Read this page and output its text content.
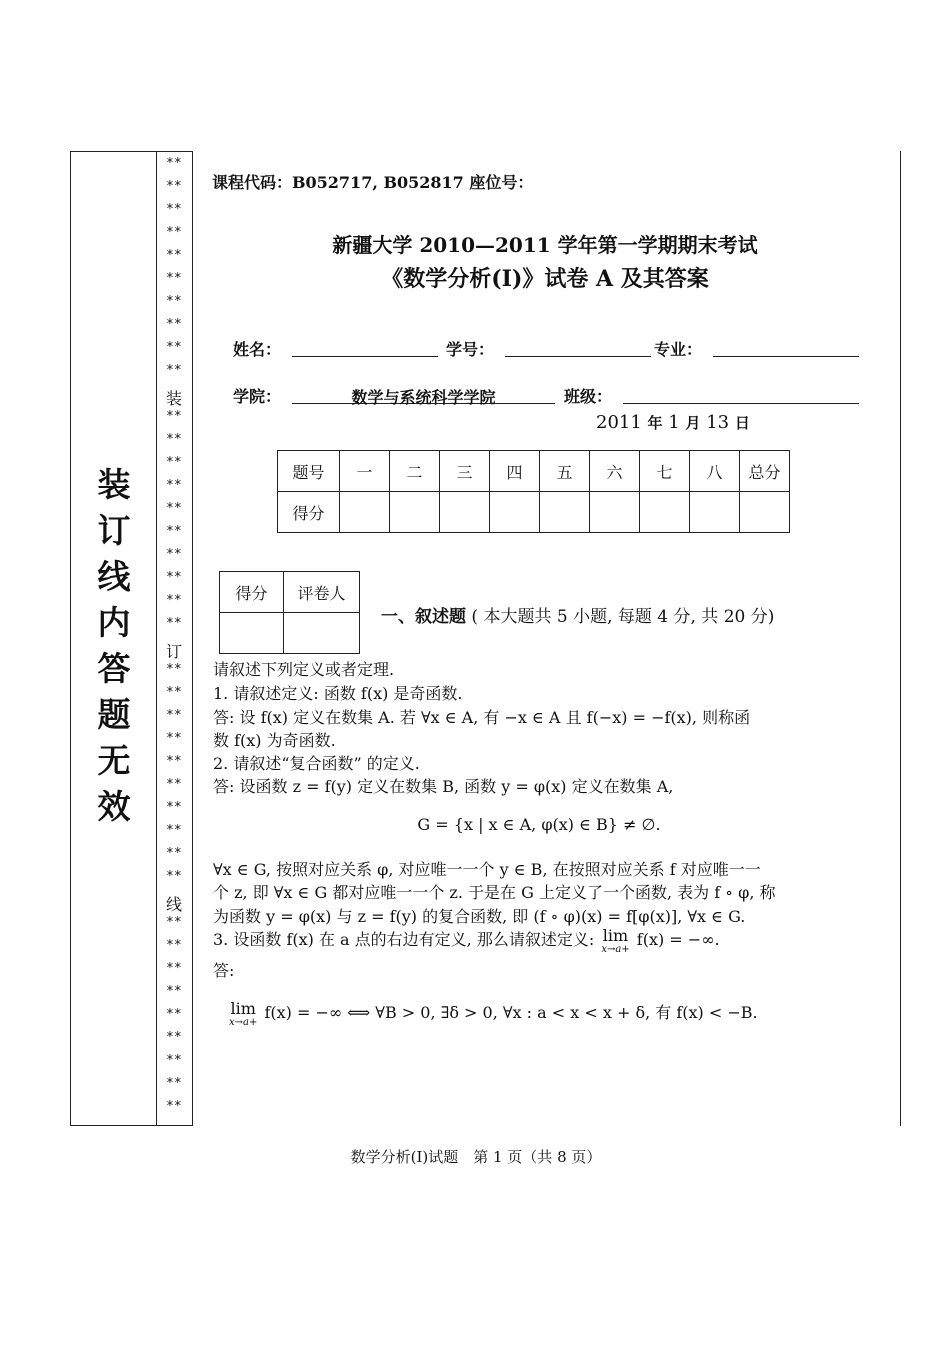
装
订
线
内
答
题
无
效
**
**
**
**
**
**
**
**
**
**
装
**
**
**
**
**
**
**
**
**
**
订
**
**
**
**
**
**
**
**
**
**
线
**
**
**
**
**
**
**
**
**
课程代码：B052717, B052817 座位号：
新疆大学 2010—2011 学年第一学期期末考试
《数学分析(I)》试卷 A 及其答案
姓名：	学号：	专业：
学院：	数学与系统科学学院	班级：
2011 年 1 月 13 日
题号	一	二	三	四	五	六	七	八	总分
得分									
得分	评卷人

一、叙述题 ( 本大题共 5 小题, 每题 4 分, 共 20 分)
请叙述下列定义或者定理.
1. 请叙述定义: 函数 f(x) 是奇函数.
答: 设 f(x) 定义在数集 A. 若 ∀x ∈ A, 有 −x ∈ A 且 f(−x) = −f(x), 则称函
数 f(x) 为奇函数.
2. 请叙述“复合函数” 的定义.
答: 设函数 z = f(y) 定义在数集 B, 函数 y = φ(x) 定义在数集 A,
G = {x | x ∈ A, φ(x) ∈ B} ≠ ∅.
∀x ∈ G, 按照对应关系 φ, 对应唯一一个 y ∈ B, 在按照对应关系 f 对应唯一一
个 z, 即 ∀x ∈ G 都对应唯一一个 z. 于是在 G 上定义了一个函数, 表为 f ∘ φ, 称
为函数 y = φ(x) 与 z = f(y) 的复合函数, 即 (f ∘ φ)(x) = f[φ(x)], ∀x ∈ G.
3. 设函数 f(x) 在 a 点的右边有定义, 那么请叙述定义: lim
x→a+
f(x) = −∞.
答:
lim
x→a+
f(x) = −∞ ⟺ ∀B > 0, ∃δ > 0, ∀x : a < x < x + δ, 有 f(x) < −B.
数学分析(I)试题　第 1 页（共 8 页）
